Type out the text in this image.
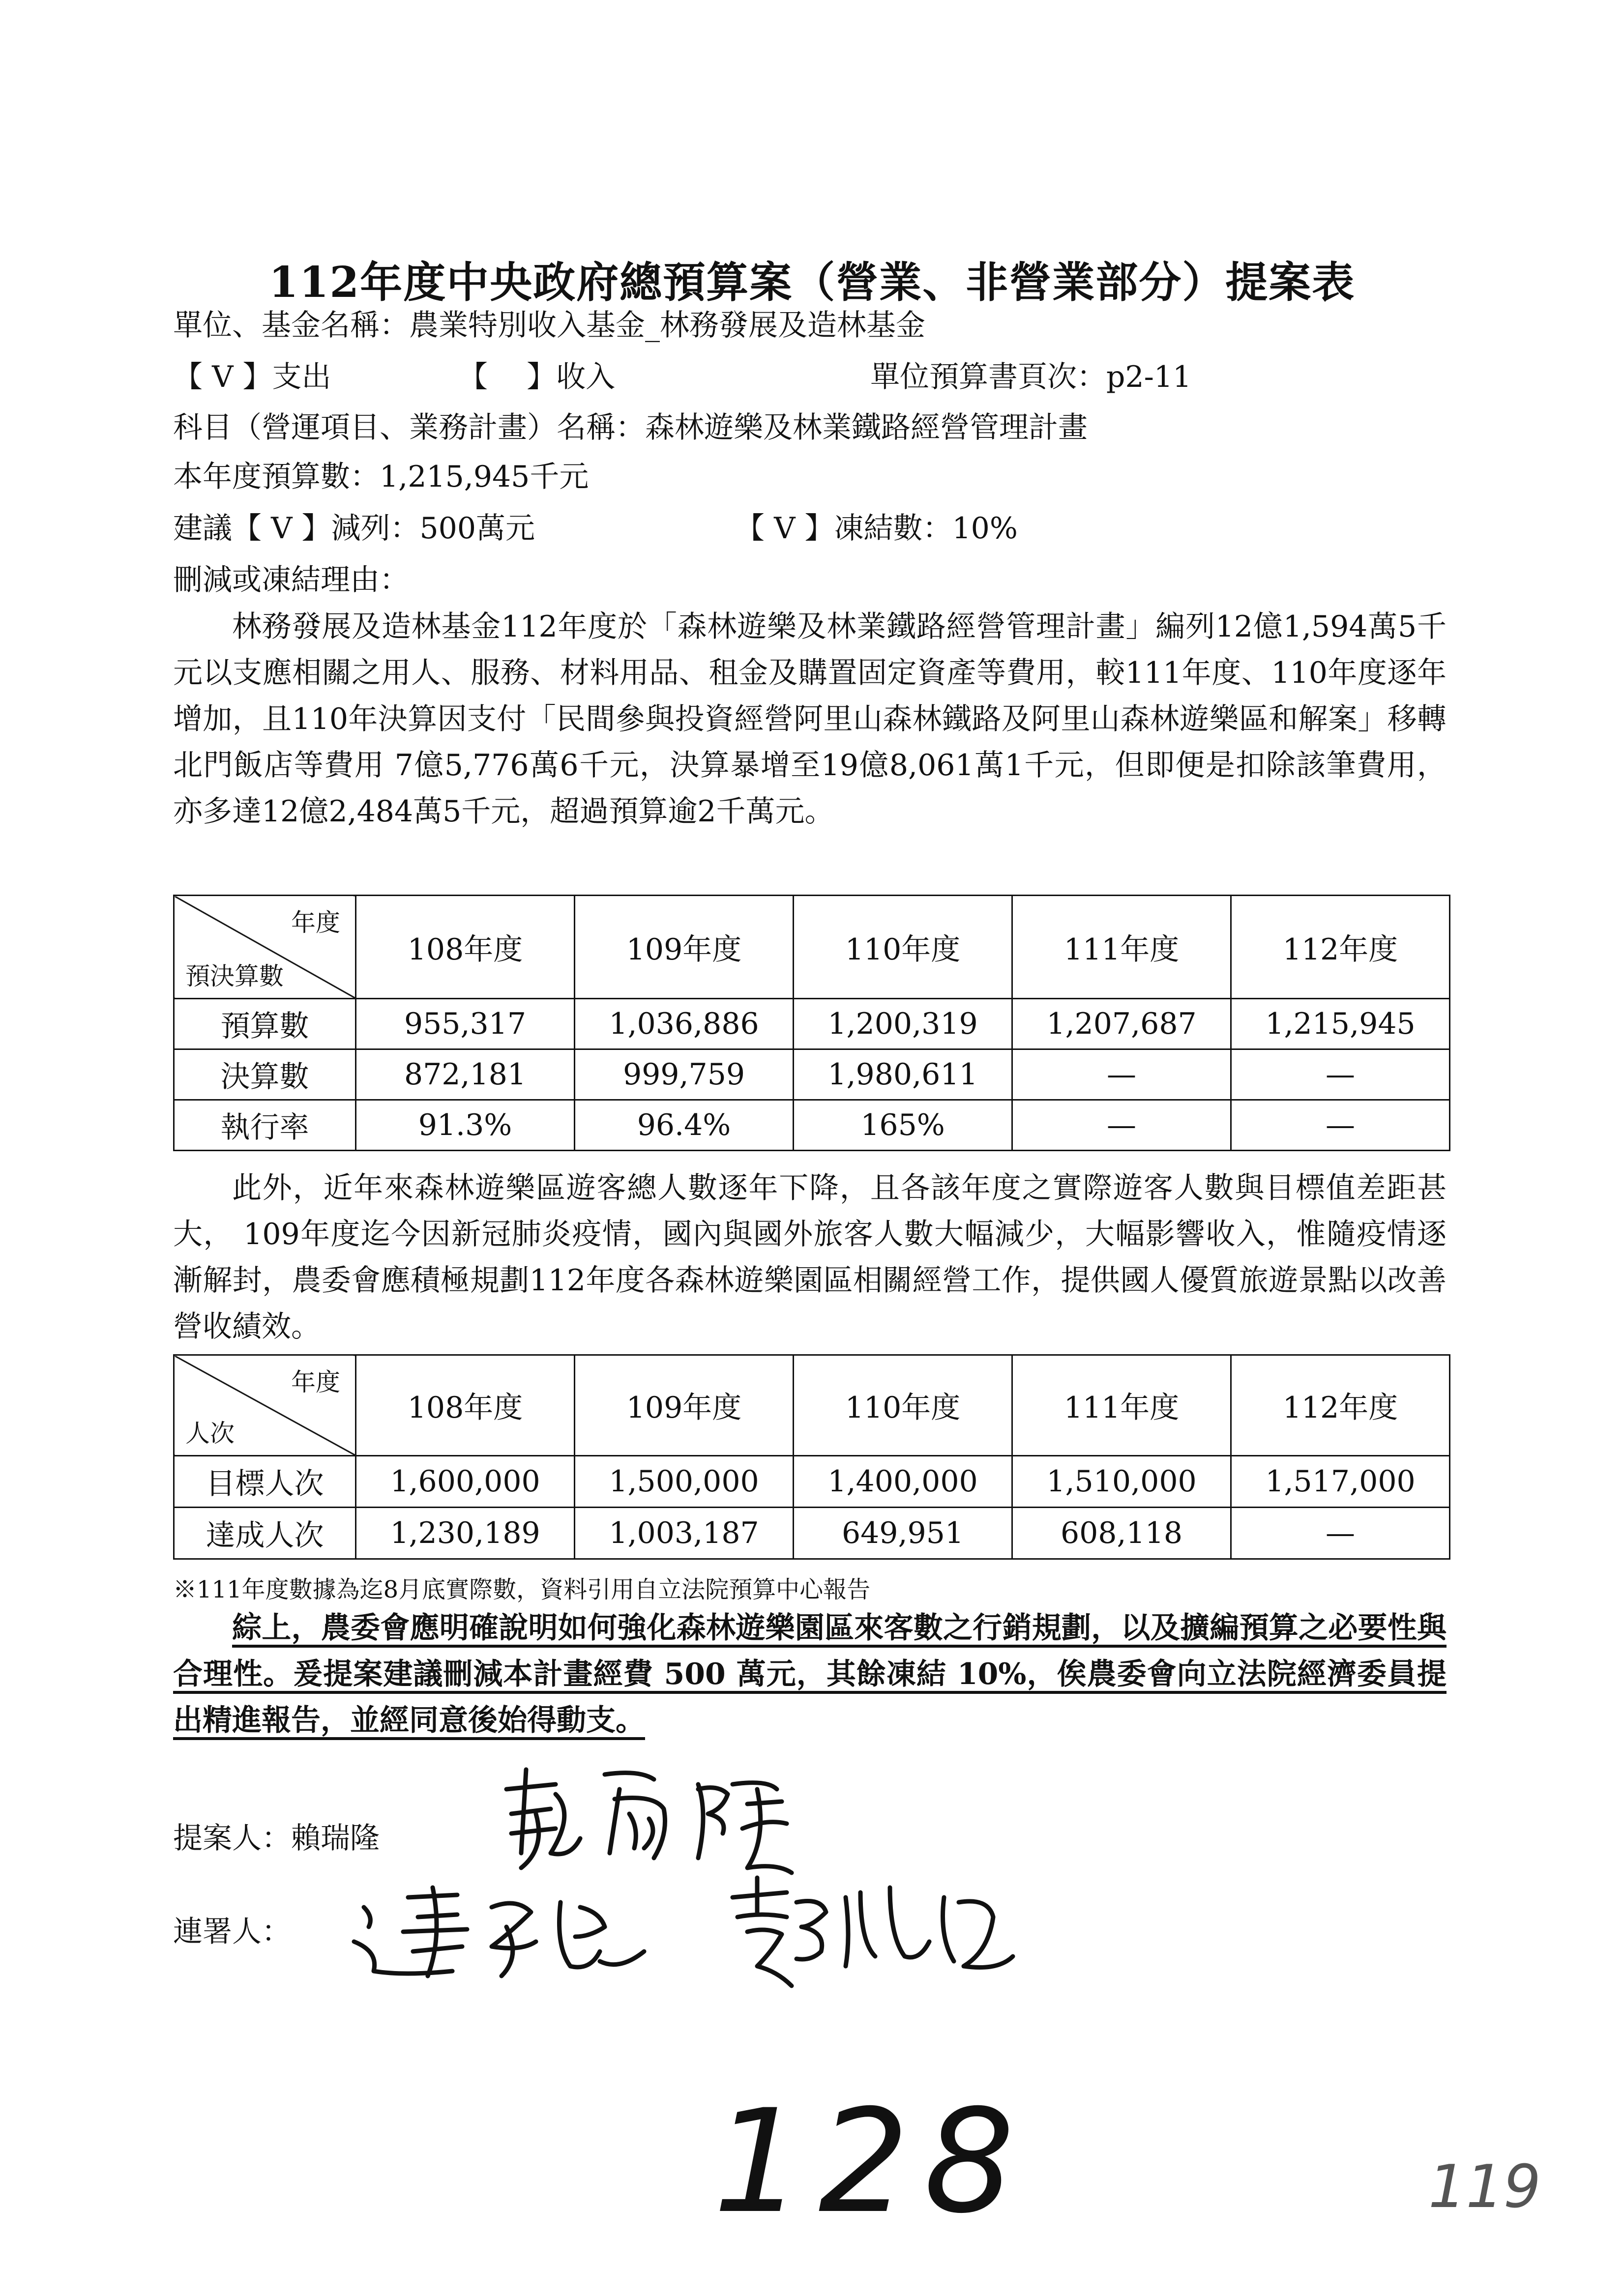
112年度中央政府總預算案（營業、非營業部分）提案表
單位、基金名稱：農業特別收入基金_林務發展及造林基金
【 V 】支出	【　 】收入	單位預算書頁次：p2-11
科目（營運項目、業務計畫）名稱：森林遊樂及林業鐵路經營管理計畫
本年度預算數：1,215,945千元
建議【 V 】減列：500萬元	【 V 】凍結數：10%
刪減或凍結理由：
林務發展及造林基金112年度於「森林遊樂及林業鐵路經營管理計畫」編列12億1,594萬5千元以支應相關之用人、服務、材料用品、租金及購置固定資產等費用，較111年度、110年度逐年增加，且110年決算因支付「民間參與投資經營阿里山森林鐵路及阿里山森林遊樂區和解案」移轉北門飯店等費用 7億5,776萬6千元，決算暴增至19億8,061萬1千元，但即便是扣除該筆費用，亦多達12億2,484萬5千元，超過預算逾2千萬元。
年度
預決算數	108年度	109年度	110年度	111年度	112年度
預算數	955,317	1,036,886	1,200,319	1,207,687	1,215,945
決算數	872,181	999,759	1,980,611	—	—
執行率	91.3%	96.4%	165%	—	—
此外，近年來森林遊樂區遊客總人數逐年下降，且各該年度之實際遊客人數與目標值差距甚大， 109年度迄今因新冠肺炎疫情，國內與國外旅客人數大幅減少，大幅影響收入，惟隨疫情逐漸解封，農委會應積極規劃112年度各森林遊樂園區相關經營工作，提供國人優質旅遊景點以改善營收績效。
年度
人次	108年度	109年度	110年度	111年度	112年度
目標人次	1,600,000	1,500,000	1,400,000	1,510,000	1,517,000
達成人次	1,230,189	1,003,187	649,951	608,118	—
※111年度數據為迄8月底實際數，資料引用自立法院預算中心報告
綜上，農委會應明確說明如何強化森林遊樂園區來客數之行銷規劃，以及擴編預算之必要性與合理性。爰提案建議刪減本計畫經費 500 萬元，其餘凍結 10%，俟農委會向立法院經濟委員提出精進報告，並經同意後始得動支。
提案人：賴瑞隆
連署人：
128	119
